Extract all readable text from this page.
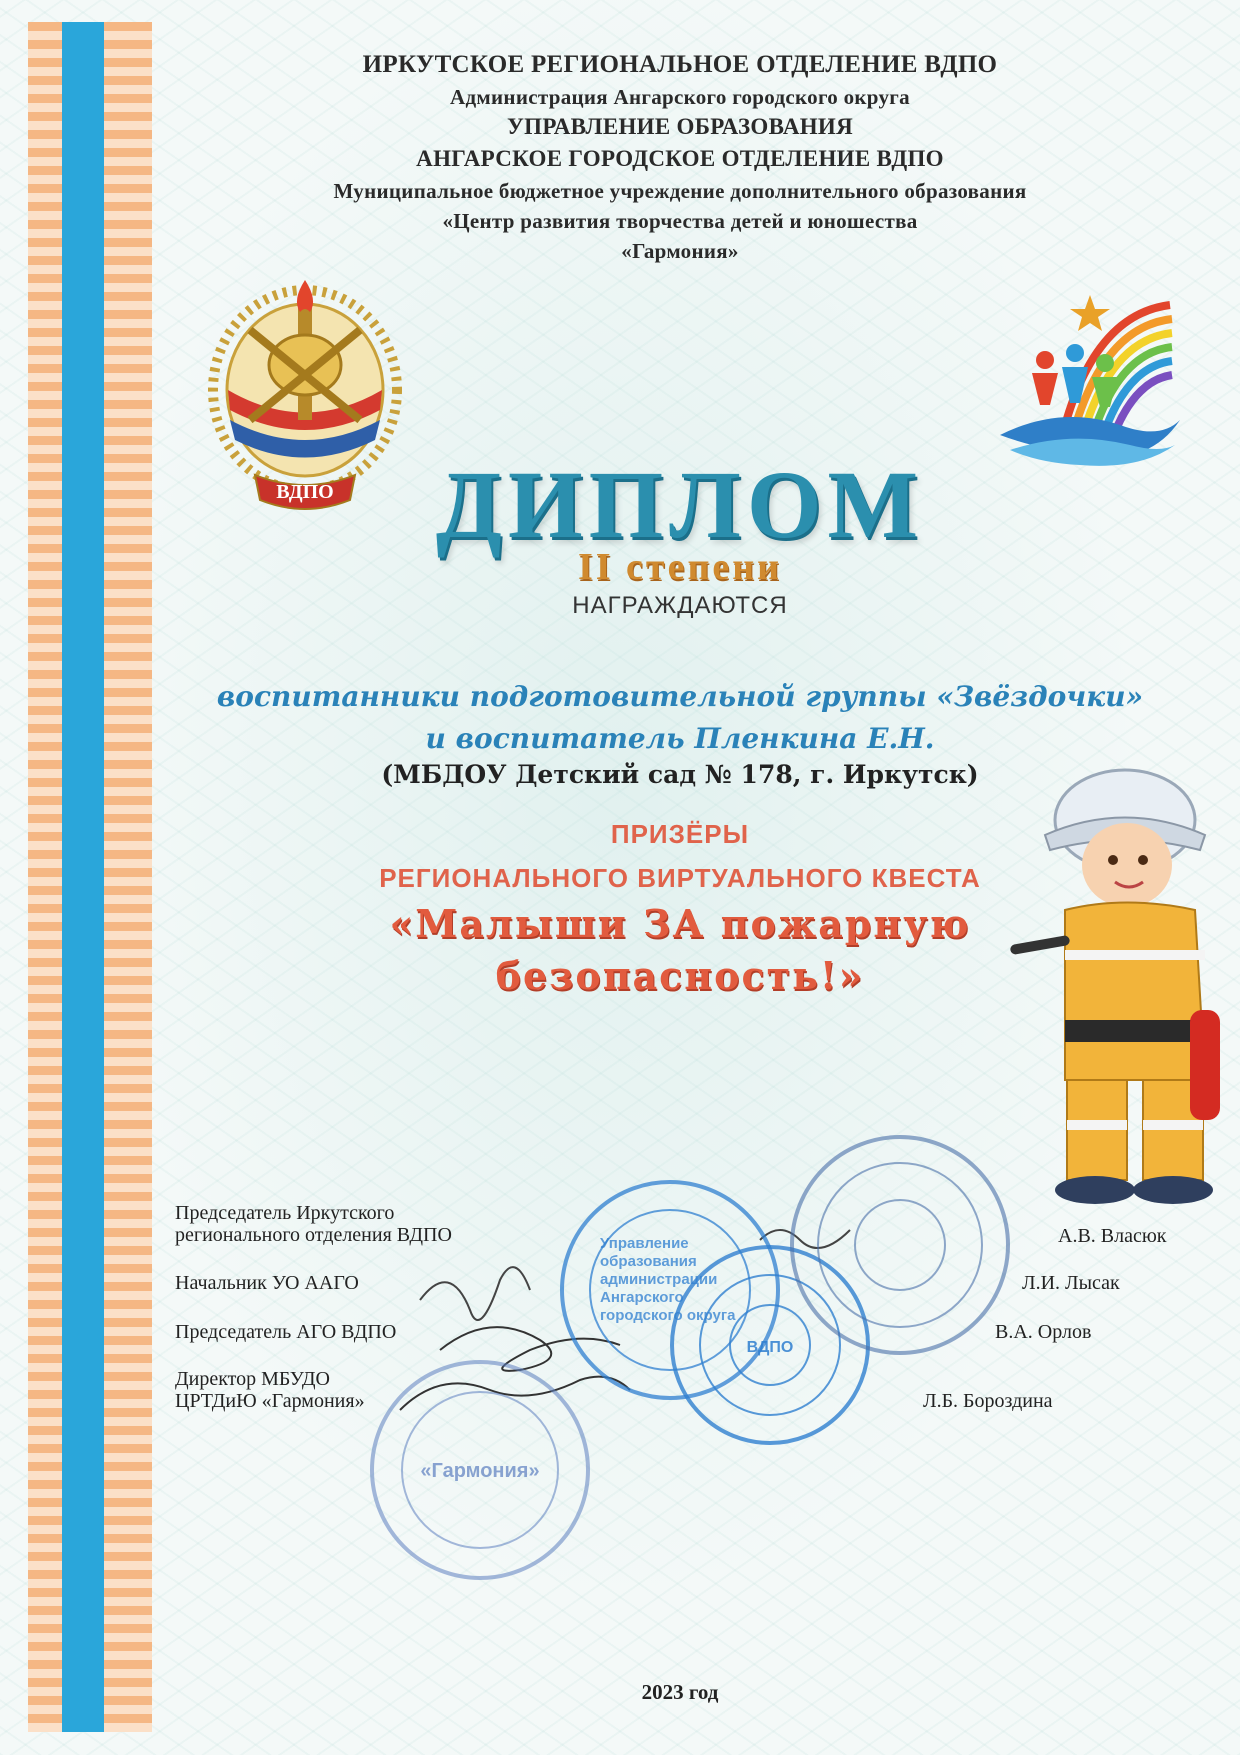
ИРКУТСКОЕ РЕГИОНАЛЬНОЕ ОТДЕЛЕНИЕ ВДПО
Администрация Ангарского городского округа
УПРАВЛЕНИЕ ОБРАЗОВАНИЯ
АНГАРСКОЕ ГОРОДСКОЕ ОТДЕЛЕНИЕ ВДПО
Муниципальное бюджетное учреждение дополнительного образования
«Центр развития творчества детей и юношества
«Гармония»
ВДПО	ДИПЛОМ
II степени
НАГРАЖДАЮТСЯ
воспитанники подготовительной группы «Звёздочки»
и воспитатель Пленкина Е.Н.
(МБДОУ Детский сад № 178, г. Иркутск)
ПРИЗЁРЫ
РЕГИОНАЛЬНОГО ВИРТУАЛЬНОГО КВЕСТА
«Малыши ЗА пожарную
безопасность!»
Председатель Иркутского
регионального отделения ВДПО	А.В. Власюк
Начальник УО ААГО	Л.И. Лысак
Председатель АГО ВДПО	В.А. Орлов
Директор МБУДО
ЦРТДиЮ «Гармония»	Л.Б. Бороздина
Управление образования администрации Ангарского городского округа
ВДПО
«Гармония»
2023 год
